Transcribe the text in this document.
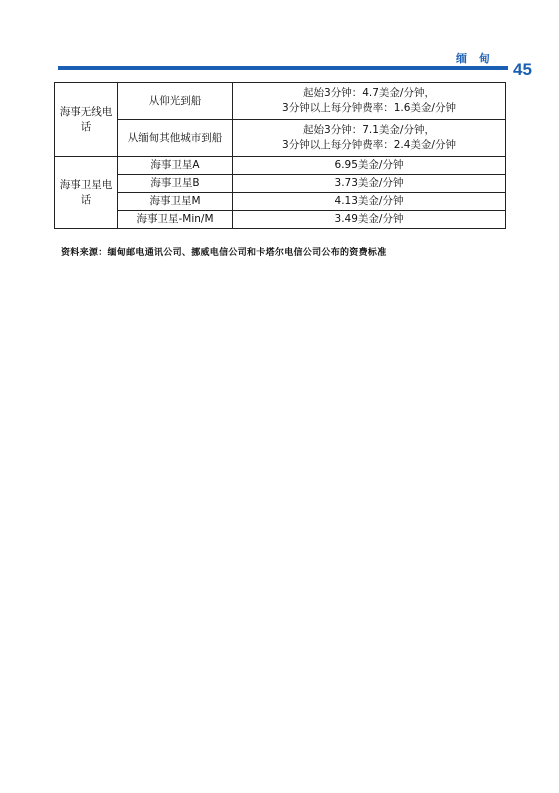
缅 甸
45
海事无线电话	从仰光到船	起始3分钟：4.7美金/分钟，
3分钟以上每分钟费率：1.6美金/分钟

	从缅甸其他城市到船	起始3分钟：7.1美金/分钟，
3分钟以上每分钟费率：2.4美金/分钟

海事卫星电话	海事卫星A	6.95美金/分钟
	海事卫星B	3.73美金/分钟
	海事卫星M	4.13美金/分钟
	海事卫星-Min/M	3.49美金/分钟
资料来源：缅甸邮电通讯公司、挪威电信公司和卡塔尔电信公司公布的资费标准
